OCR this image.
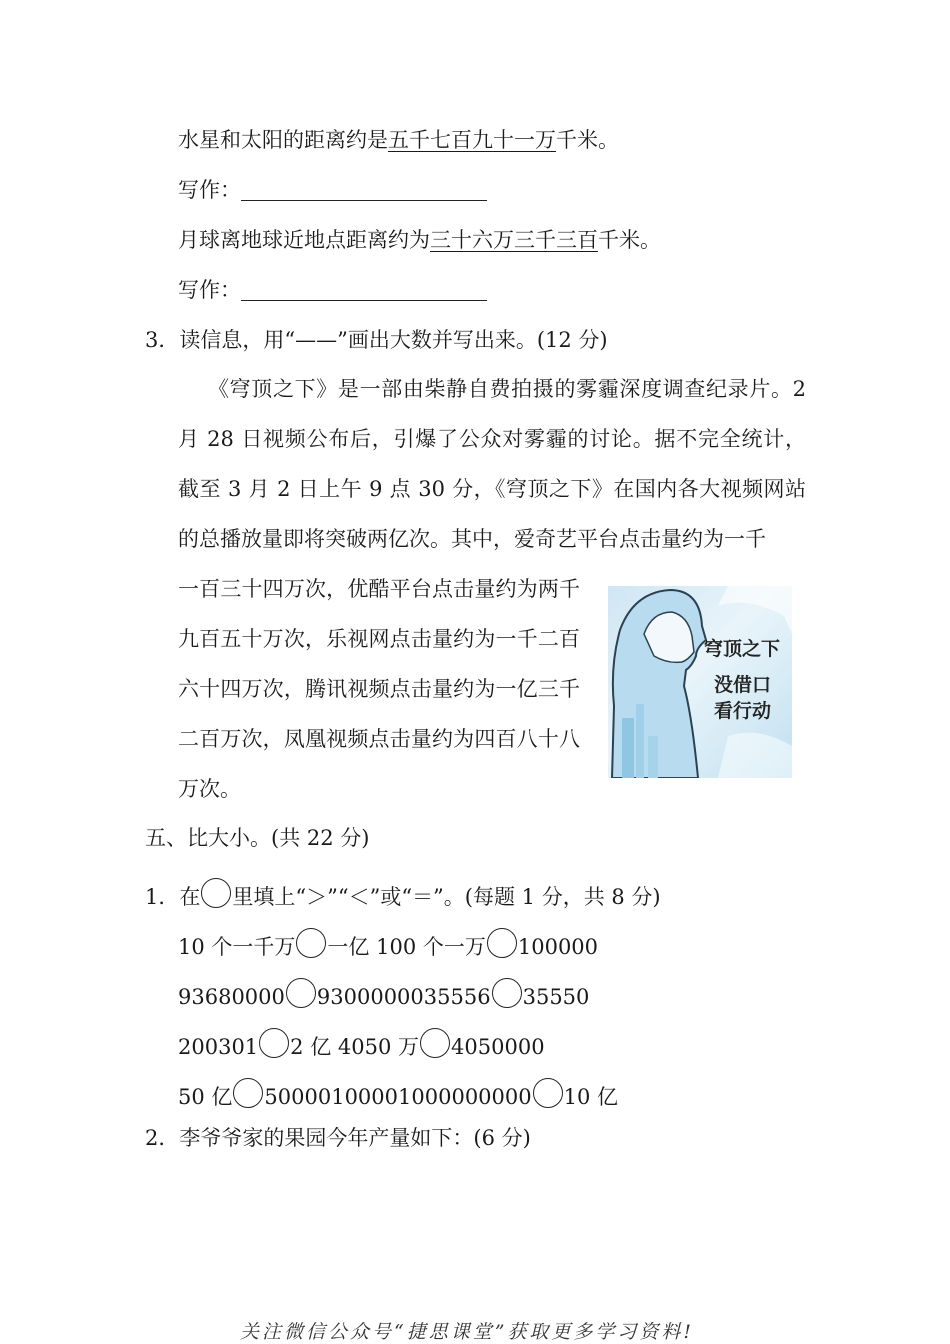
水星和太阳的距离约是五千七百九十一万千米。
写作：
月球离地球近地点距离约为三十六万三千三百千米。
写作：
3．读信息，用“——”画出大数并写出来。(12 分)
《穹顶之下》是一部由柴静自费拍摄的雾霾深度调查纪录片。2 月 28 日视频公布后，引爆了公众对雾霾的讨论。据不完全统计，截至 3 月 2 日上午 9 点 30 分，《穹顶之下》在国内各大视频网站的总播放量即将突破两亿次。其中，爱奇艺平台点击量约为一千
一百三十四万次，优酷平台点击量约为两千九百五十万次，乐视网点击量约为一千二百六十四万次，腾讯视频点击量约为一亿三千二百万次，凤凰视频点击量约为四百八十八万次。
穹顶之下
没借口
看行动
五、比大小。(共 22 分)
1．在 里填上“＞”“＜”或“＝”。(每题 1 分，共 8 分)
10 个一千万 一亿 100 个一万 100000
93680000 9300000035556 35550
200301 2 亿 4050 万 4050000
50 亿 50000100001000000000 10 亿
2．李爷爷家的果园今年产量如下：(6 分)
关注微信公众号“捷思课堂”获取更多学习资料!
